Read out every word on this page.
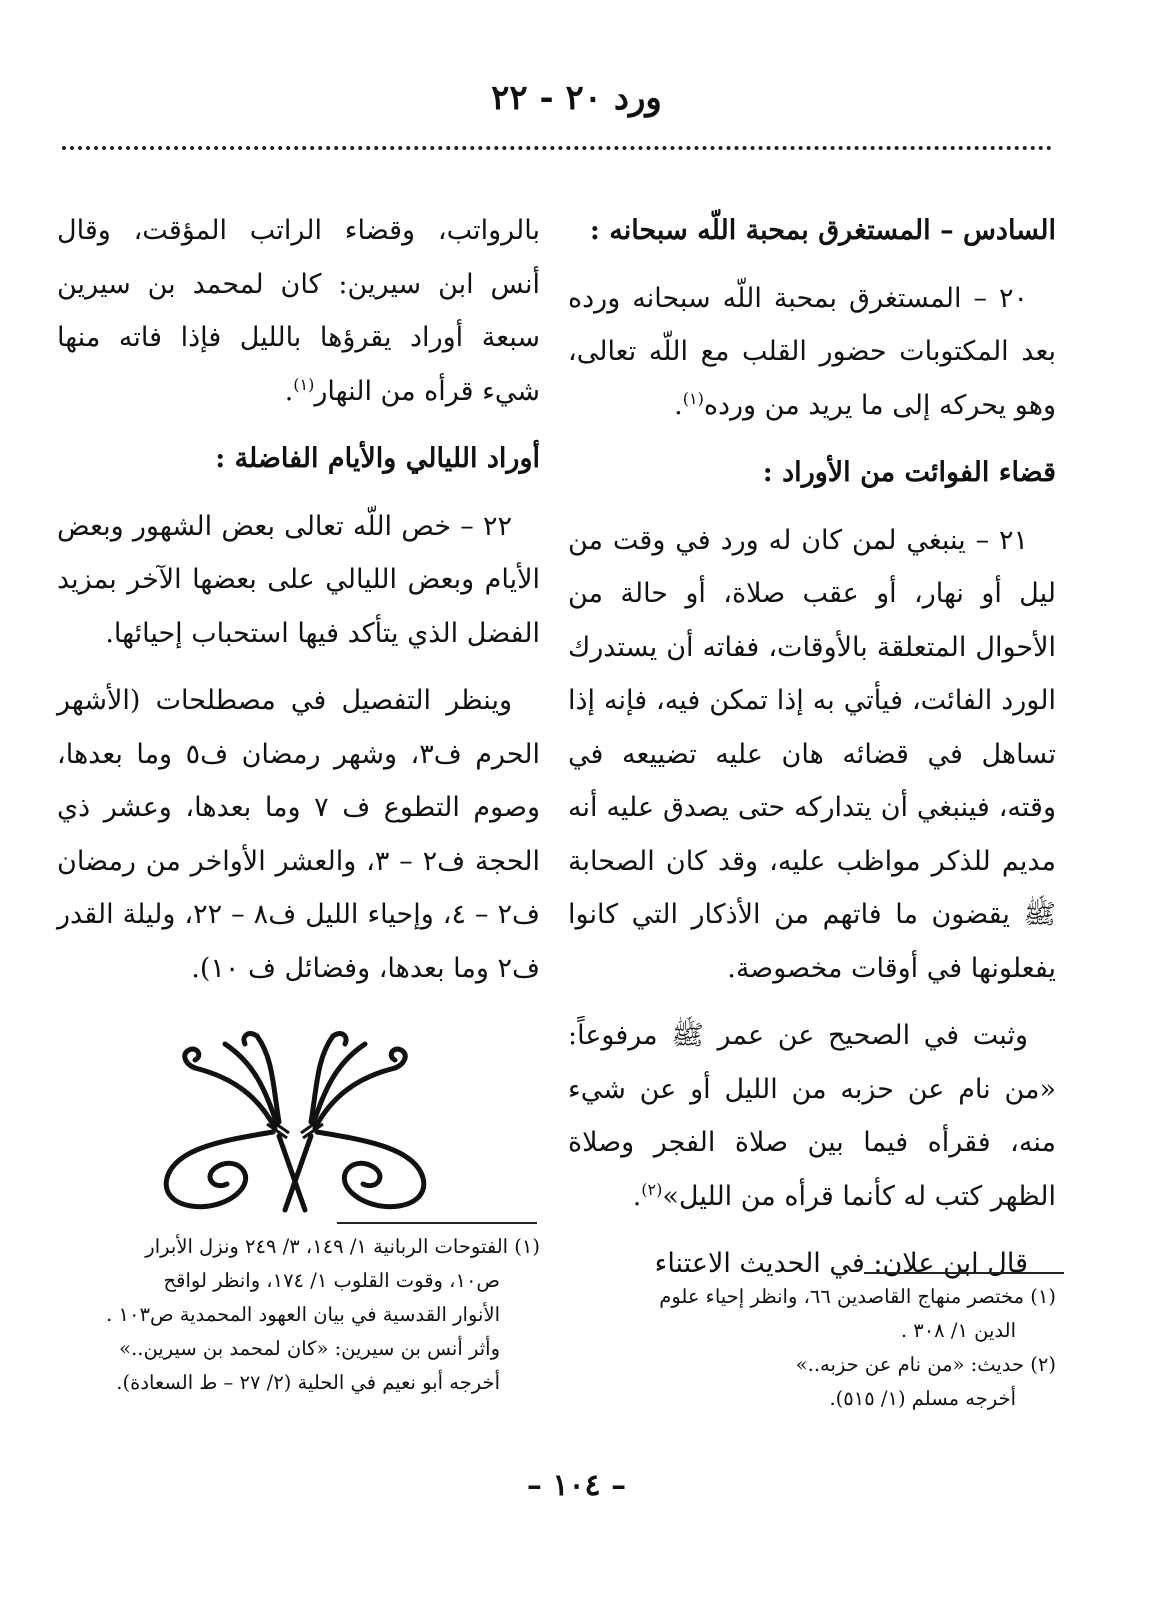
ورد ٢٠ - ٢٢
السادس – المستغرق بمحبة اللّه سبحانه :

٢٠ – المستغرق بمحبة اللّه سبحانه ورده بعد المكتوبات حضور القلب مع اللّه تعالى، وهو يحركه إلى ما يريد من ورده$^{(١)}$.

قضاء الفوائت من الأوراد :

٢١ – ينبغي لمن كان له ورد في وقت من ليل أو نهار، أو عقب صلاة، أو حالة من الأحوال المتعلقة بالأوقات، ففاته أن يستدرك الورد الفائت، فيأتي به إذا تمكن فيه، فإنه إذا تساهل في قضائه هان عليه تضييعه في وقته، فينبغي أن يتداركه حتى يصدق عليه أنه مديم للذكر مواظب عليه، وقد كان الصحابة ﷺ يقضون ما فاتهم من الأذكار التي كانوا يفعلونها في أوقات مخصوصة.

وثبت في الصحيح عن عمر ﷺ مرفوعاً: «من نام عن حزبه من الليل أو عن شيء منه، فقرأه فيما بين صلاة الفجر وصلاة الظهر كتب له كأنما قرأه من الليل»$^{(٢)}$.

قال ابن علان: في الحديث الاعتناء

بالرواتب، وقضاء الراتب المؤقت، وقال أنس ابن سيرين: كان لمحمد بن سيرين سبعة أوراد يقرؤها بالليل فإذا فاته منها شيء قرأه من النهار$^{(١)}$.

أوراد الليالي والأيام الفاضلة :

٢٢ – خص اللّه تعالى بعض الشهور وبعض الأيام وبعض الليالي على بعضها الآخر بمزيد الفضل الذي يتأكد فيها استحباب إحيائها.

وينظر التفصيل في مصطلحات (الأشهر الحرم ف٣، وشهر رمضان ف٥ وما بعدها، وصوم التطوع ف ٧ وما بعدها، وعشر ذي الحجة ف٢ – ٣، والعشر الأواخر من رمضان ف٢ – ٤، وإحياء الليل ف٨ – ٢٢، وليلة القدر ف٢ وما بعدها، وفضائل ف ١٠).

(١) الفتوحات الربانية ١/ ١٤٩، ٣/ ٢٤٩ ونزل الأبرار

ص١٠، وقوت القلوب ١/ ١٧٤، وانظر لواقح

الأنوار القدسية في بيان العهود المحمدية ص١٠٣ .

وأثر أنس بن سيرين: «كان لمحمد بن سيرين..»

أخرجه أبو نعيم في الحلية (٢/ ٢٧ – ط السعادة).

(١) مختصر منهاج القاصدين ٦٦، وانظر إحياء علوم

الدين ١/ ٣٠٨ .

(٢) حديث: «من نام عن حزبه..»

أخرجه مسلم (١/ ٥١٥).

– ١٠٤ –
